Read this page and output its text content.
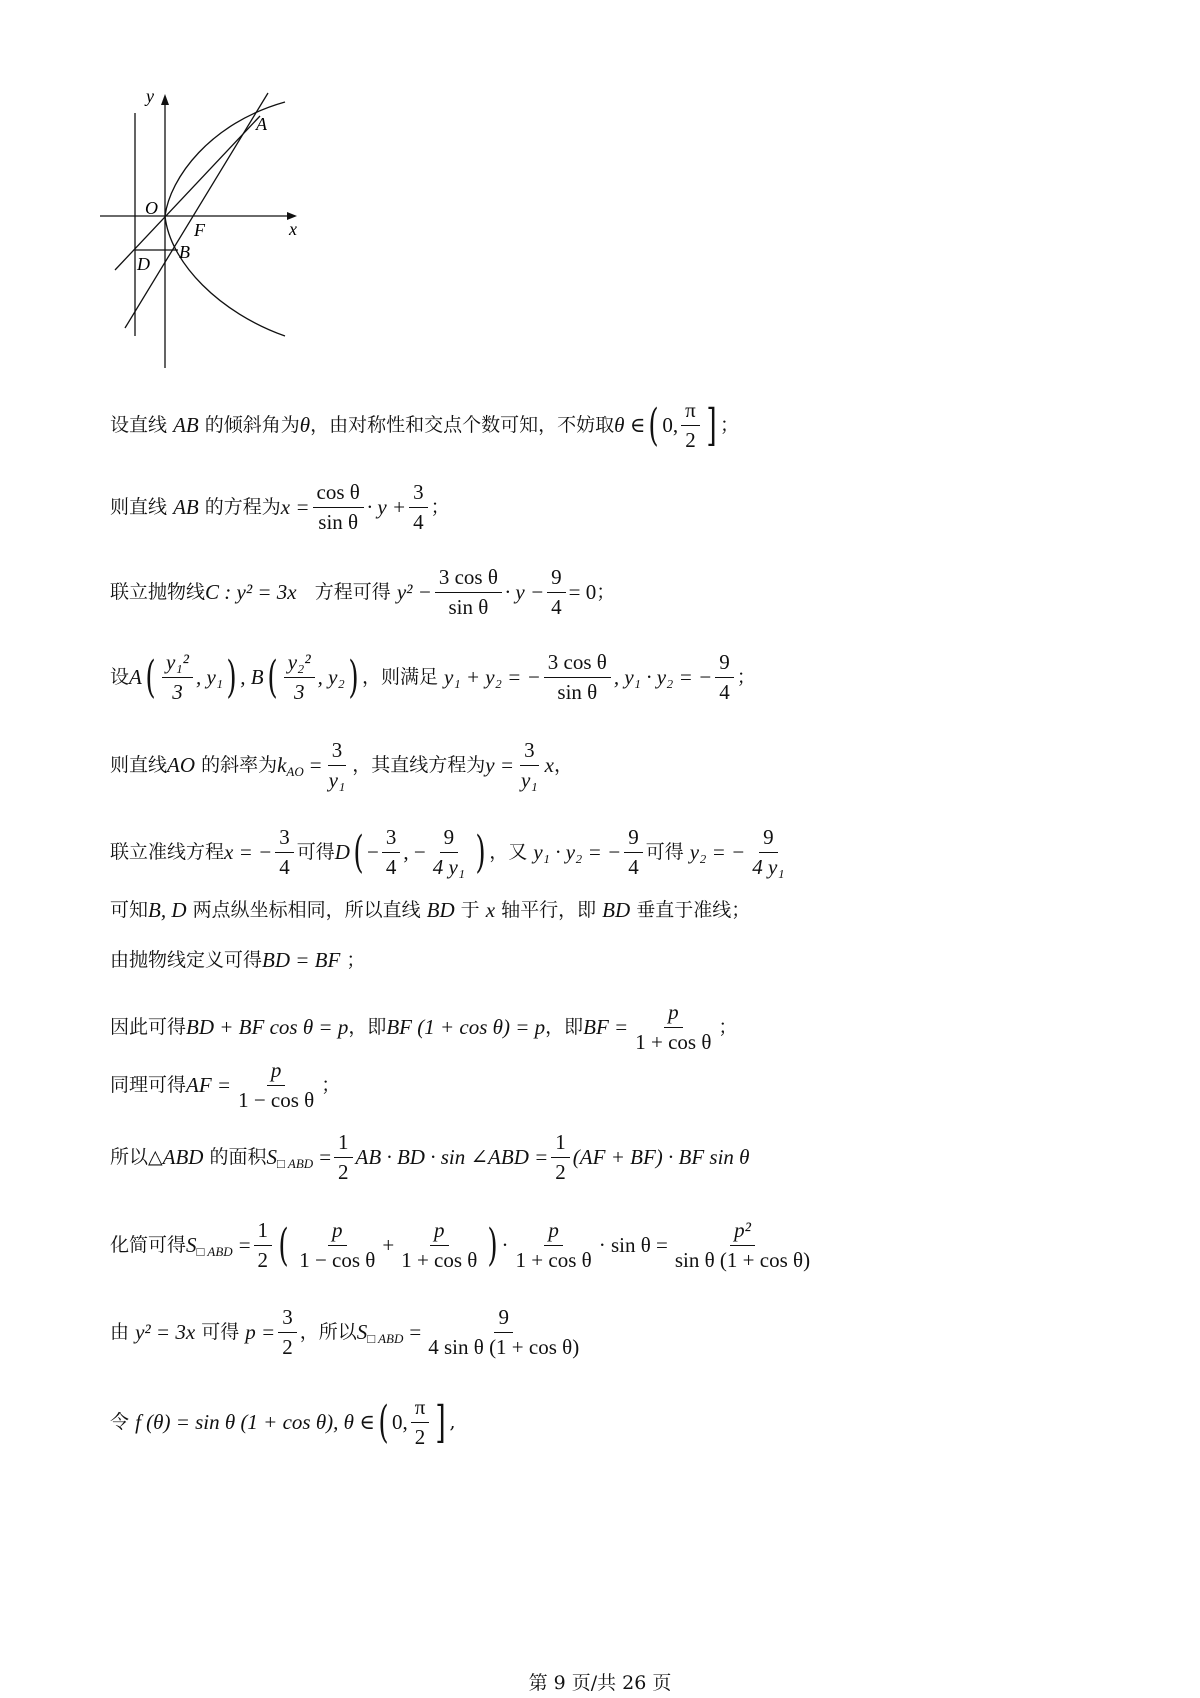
y
x
O
A
F
B
D
设直线
AB
的倾斜角为 θ ，由对称性和交点个数可知，不妨取 θ ∈ ( 0, $\frac{\pi}{2}$ ] ；
则直线
AB
的方程为 $x = \frac{\text{cos θ}}{\text{sin θ}} \cdot y + \frac{3}{4}$ ；
联立抛物线 C : y² = 3x
方程可得
$y^2 - \frac{\text{3 cos θ}}{\text{sin θ}} \cdot y - \frac{9}{4} = 0$ ；
设 A ( $\frac{\text{y₁²}}{3}$ , y₁ ) , B ( $\frac{\text{y₂²}}{3}$ , y₂ ) ，则满足
y₁ + y₂ = − $\frac{\text{3 cos θ}}{\text{sin θ}}$ , y₁ · y₂ = − $\frac{9}{4}$ ；
则直线 AO
的斜率为 k AO
= $\frac{3}{\text{y₁}}$ ，其直线方程为 $y = \frac{3}{\text{y₁}}$ x ，
联立准线方程 x = − $\frac{3}{4}$ 可得 D ( − $\frac{3}{4}$ , − $\frac{9}{\text{4 y₁}}$ ) ，又
y₁ · y₂ = − $\frac{9}{4}$ 可得
y₂ = − $\frac{9}{\text{4 y₁}}$
可知 B, D
两点纵坐标相同，所以直线
BD
于
x
轴平行，即
BD
垂直于准线；
由抛物线定义可得 BD = BF
；
因此可得 BD + BF cos θ = p ，即 BF (1 + cos θ) = p ，即 BF = $\frac{p}{\text{1 + cos θ}}$ ；
同理可得 AF = $\frac{p}{\text{1 − cos θ}}$ ；
所以△ ABD
的面积 S □ ABD
= $\frac{1}{2}$ AB · BD · sin ∠ABD = $\frac{1}{2} (AF + BF)$ · BF sin θ
化简可得 S □ ABD
= $\frac{1}{2}$ ( $\frac{p}{\text{1 − cos θ}} + \frac{p}{\text{1 + cos θ}}$ ) · $\frac{p}{\text{1 + cos θ}} \cdot \sin \theta = \frac{\text{p²}}{\text{sin θ (1 + cos θ)}}$
由
y² = 3x
可得
$p = \frac{3}{2}$ ，所以 S □ ABD
= $\frac{9}{\text{4 sin θ (1 + cos θ)}}$
令
f (θ) = sin θ (1 + cos θ), θ ∈ ( 0, $\frac{\pi}{2}$ ] ,
第 9 页/共 26 页
